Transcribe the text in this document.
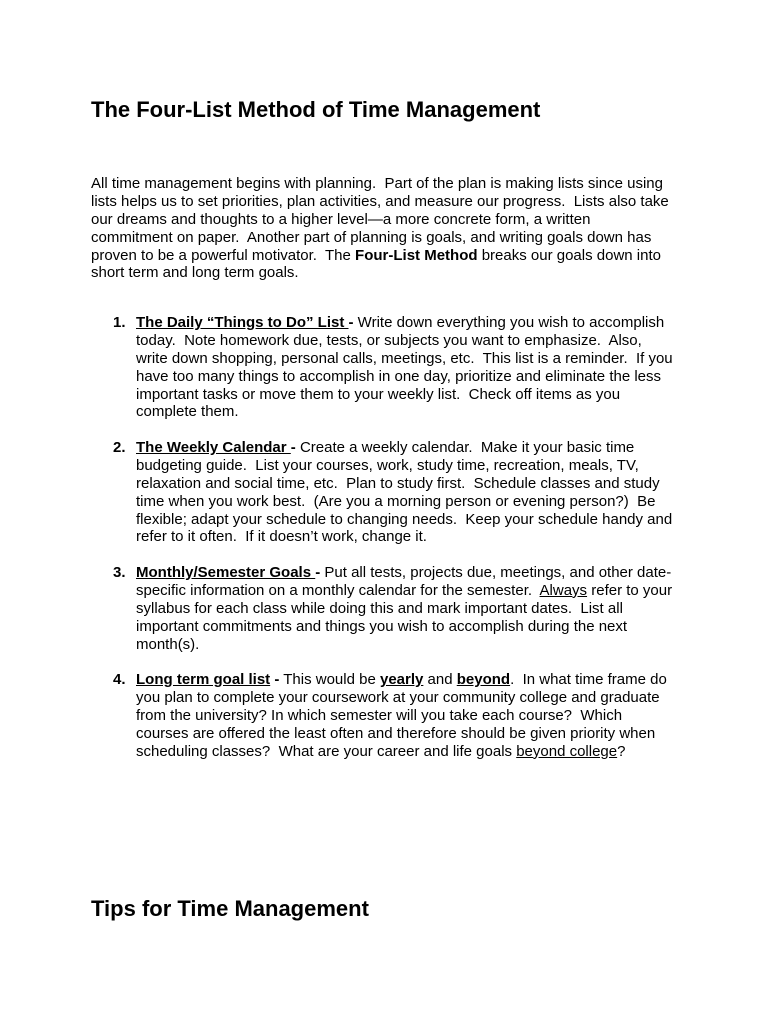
The Four-List Method of Time Management
All time management begins with planning.  Part of the plan is making lists since using
lists helps us to set priorities, plan activities, and measure our progress.  Lists also take
our dreams and thoughts to a higher level—a more concrete form, a written
commitment on paper.  Another part of planning is goals, and writing goals down has
proven to be a powerful motivator.  The Four-List Method breaks our goals down into
short term and long term goals.
1. The Daily “Things to Do” List - Write down everything you wish to accomplish
today.  Note homework due, tests, or subjects you want to emphasize.  Also,
write down shopping, personal calls, meetings, etc.  This list is a reminder.  If you
have too many things to accomplish in one day, prioritize and eliminate the less
important tasks or move them to your weekly list.  Check off items as you
complete them.
2. The Weekly Calendar - Create a weekly calendar.  Make it your basic time
budgeting guide.  List your courses, work, study time, recreation, meals, TV,
relaxation and social time, etc.  Plan to study first.  Schedule classes and study
time when you work best.  (Are you a morning person or evening person?)  Be
flexible; adapt your schedule to changing needs.  Keep your schedule handy and
refer to it often.  If it doesn’t work, change it.
3. Monthly/Semester Goals - Put all tests, projects due, meetings, and other date-
specific information on a monthly calendar for the semester.  Always refer to your
syllabus for each class while doing this and mark important dates.  List all
important commitments and things you wish to accomplish during the next
month(s).
4. Long term goal list - This would be yearly and beyond.  In what time frame do
you plan to complete your coursework at your community college and graduate
from the university? In which semester will you take each course?  Which
courses are offered the least often and therefore should be given priority when
scheduling classes?  What are your career and life goals beyond college?
Tips for Time Management
